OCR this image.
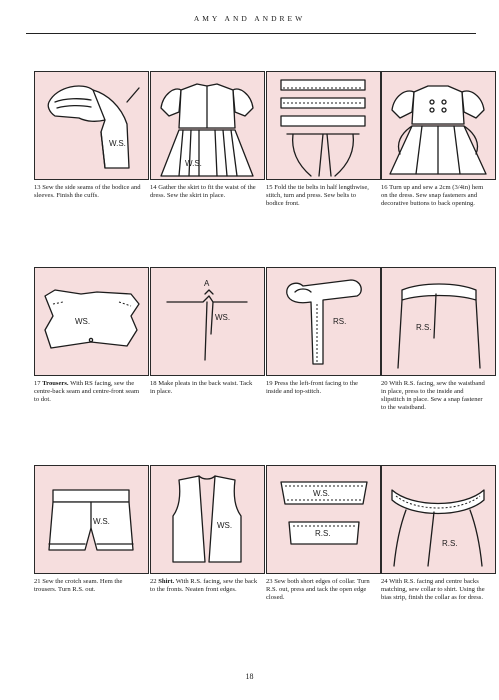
AMY AND ANDREW
W.S.
13 Sew the side seams of the bodice and sleeves. Finish the cuffs.
W.S.
14 Gather the skirt to fit the waist of the dress. Sew the skirt in place.
15 Fold the tie belts in half lengthwise, stitch, turn and press. Sew belts to bodice front.
16 Turn up and sew a 2cm (3/4in) hem on the dress. Sew snap fasteners and decorative buttons to back opening.
WS.
17 Trousers. With RS facing, sew the centre-back seam and centre-front seam to dot.
A
WS.
18 Make pleats in the back waist. Tack in place.
RS.
19 Press the left-front facing to the inside and top-stitch.
R.S.
20 With R.S. facing, sew the waistband in place, press to the inside and slipstitch in place. Sew a snap fastener to the waistband.
W.S.
21 Sew the crotch seam. Hem the trousers. Turn R.S. out.
WS.
22 Shirt. With R.S. facing, sew the back to the fronts. Neaten front edges.
W.S.
R.S.
23 Sew both short edges of collar. Turn R.S. out, press and tack the open edge closed.
R.S.
24 With R.S. facing and centre backs matching, sew collar to shirt. Using the bias strip, finish the collar as for dress.
18
